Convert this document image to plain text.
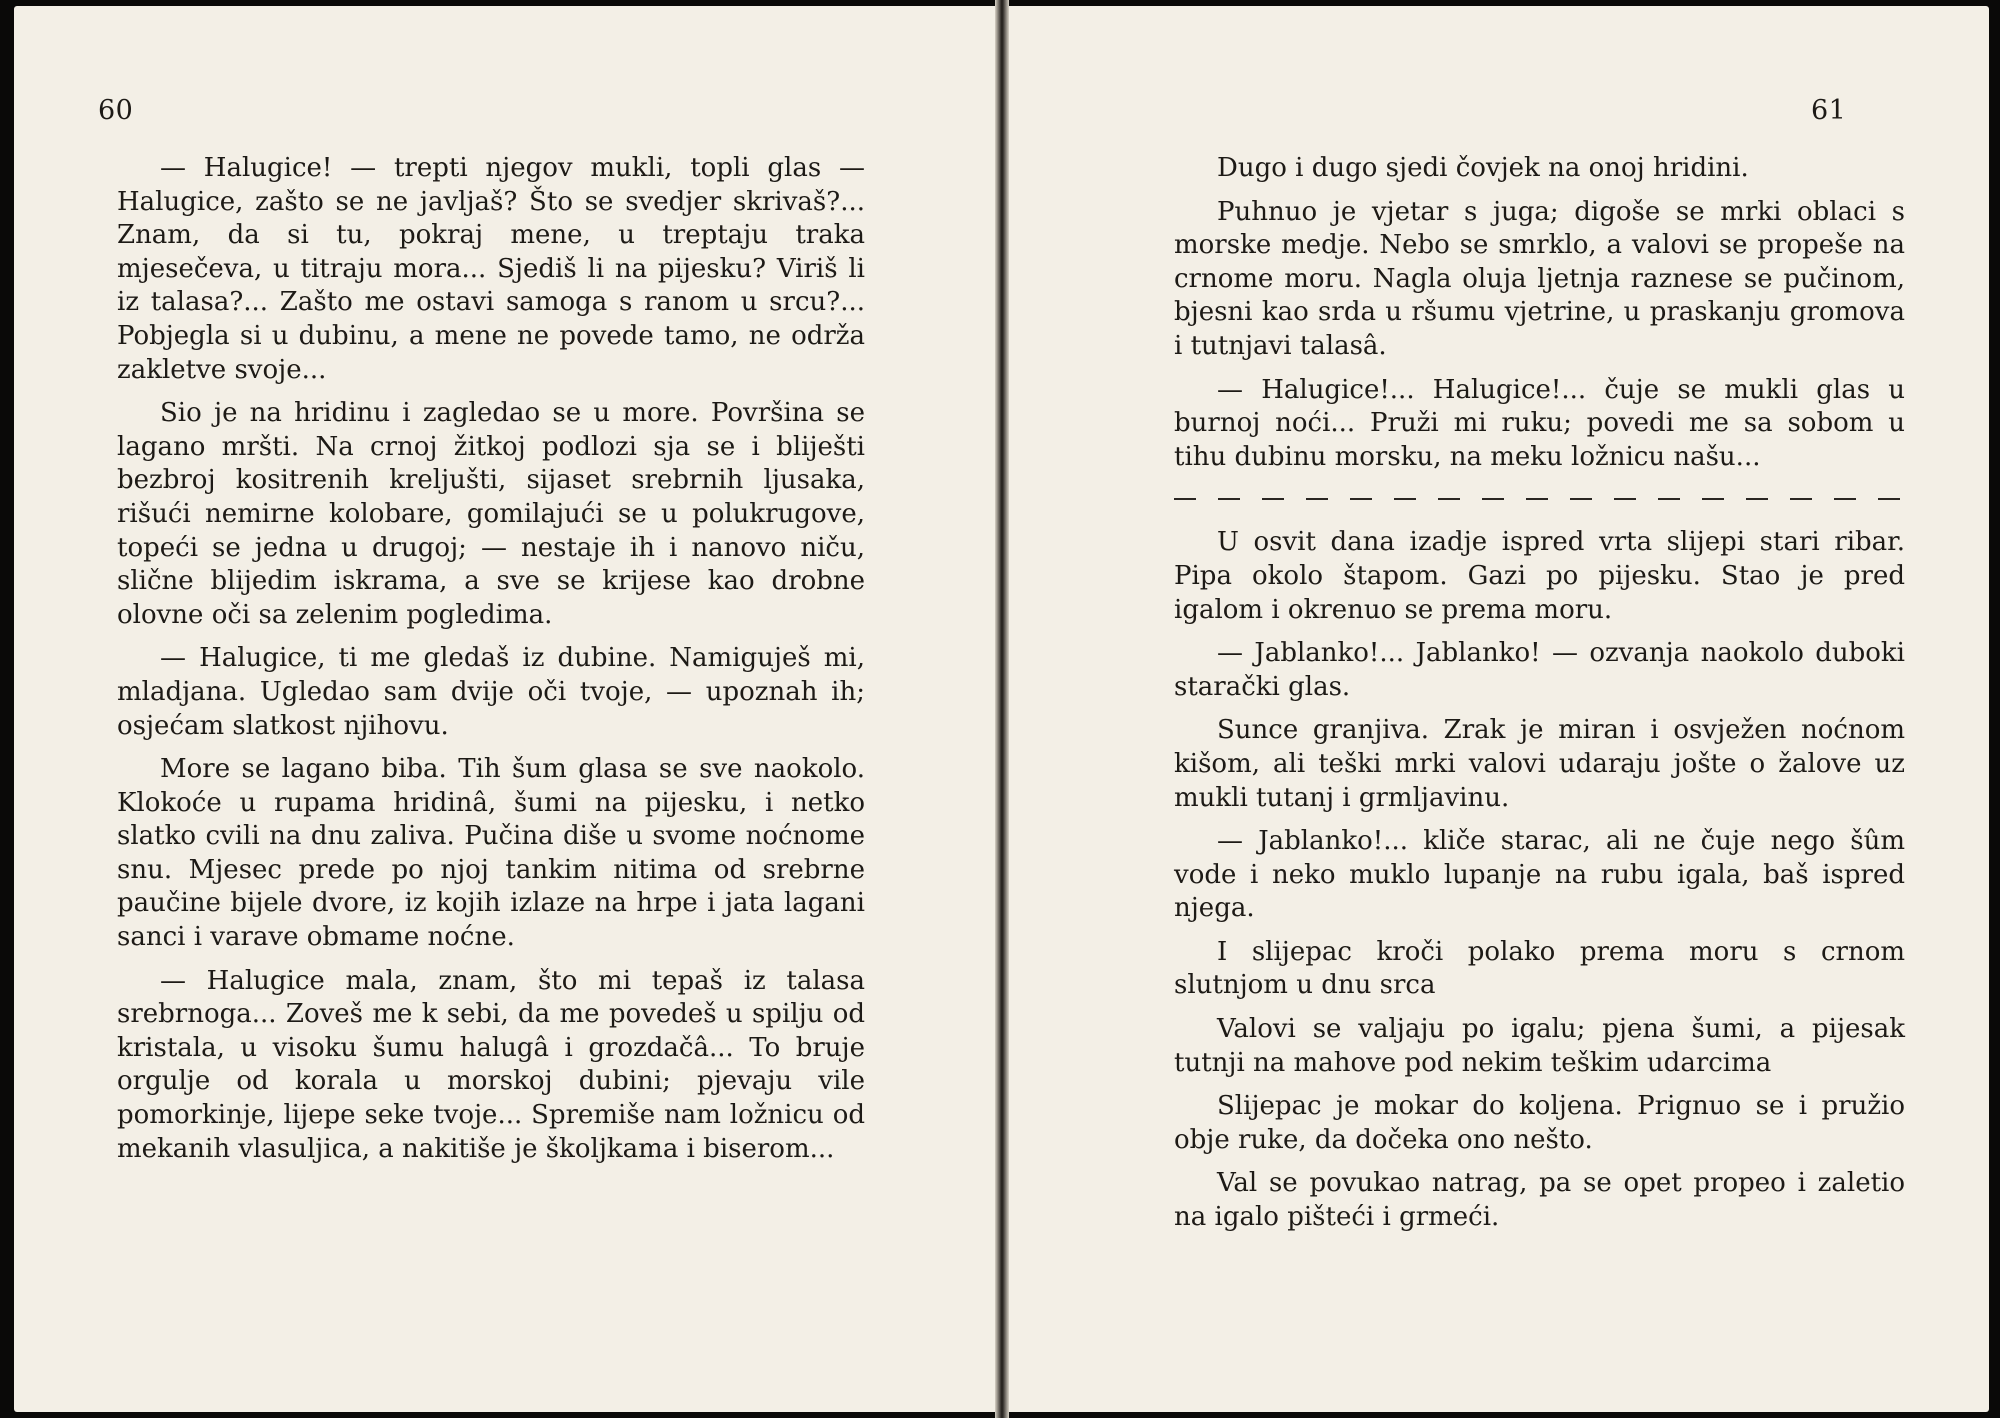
60

— Halugice! — trepti njegov mukli, topli glas — Halugice, zašto se ne javljaš? Što se svedjer skrivaš?... Znam, da si tu, pokraj mene, u treptaju traka mjesečeva, u titraju mora... Sjediš li na pijesku? Viriš li iz talasa?... Zašto me ostavi samoga s ranom u srcu?... Pobjegla si u dubinu, a mene ne povede tamo, ne održa zakletve svoje...

Sio je na hridinu i zagledao se u more. Površina se lagano mršti. Na crnoj žitkoj podlozi sja se i bliješti bezbroj kositrenih kreljušti, sijaset srebrnih ljusaka, rišući nemirne kolobare, gomilajući se u polukrugove, topeći se jedna u drugoj; — nestaje ih i nanovo niču, slične blijedim iskrama, a sve se krijese kao drobne olovne oči sa zelenim pogledima.

— Halugice, ti me gledaš iz dubine. Namiguješ mi, mladjana. Ugledao sam dvije oči tvoje, — upoznah ih; osjećam slatkost njihovu.

More se lagano biba. Tih šum glasa se sve naokolo. Klokoće u rupama hridinâ, šumi na pijesku, i netko slatko cvili na dnu zaliva. Pučina diše u svome noćnome snu. Mjesec prede po njoj tankim nitima od srebrne paučine bijele dvore, iz kojih izlaze na hrpe i jata lagani sanci i varave obmame noćne.

— Halugice mala, znam, što mi tepaš iz talasa srebrnoga... Zoveš me k sebi, da me povedeš u spilju od kristala, u visoku šumu halugâ i grozdačâ... To bruje orgulje od korala u morskoj dubini; pjevaju vile pomorkinje, lijepe seke tvoje... Spremiše nam ložnicu od mekanih vlasuljica, a nakitiše je školjkama i biserom...

61

Dugo i dugo sjedi čovjek na onoj hridini.

Puhnuo je vjetar s juga; digoše se mrki oblaci s morske medje. Nebo se smrklo, a valovi se propeše na crnome moru. Nagla oluja ljetnja raznese se pučinom, bjesni kao srda u ršumu vjetrine, u praskanju gromova i tutnjavi talasâ.

— Halugice!... Halugice!... čuje se mukli glas u burnoj noći... Pruži mi ruku; povedi me sa sobom u tihu dubinu morsku, na meku ložnicu našu...

U osvit dana izadje ispred vrta slijepi stari ribar. Pipa okolo štapom. Gazi po pijesku. Stao je pred igalom i okrenuo se prema moru.

— Jablanko!... Jablanko! — ozvanja naokolo duboki starački glas.

Sunce granjiva. Zrak je miran i osvježen noćnom kišom, ali teški mrki valovi udaraju jošte o žalove uz mukli tutanj i grmljavinu.

— Jablanko!... kliče starac, ali ne čuje nego šûm vode i neko muklo lupanje na rubu igala, baš ispred njega.

I slijepac kroči polako prema moru s crnom slutnjom u dnu srca

Valovi se valjaju po igalu; pjena šumi, a pijesak tutnji na mahove pod nekim teškim udarcima

Slijepac je mokar do koljena. Prignuo se i pružio obje ruke, da dočeka ono nešto.

Val se povukao natrag, pa se opet propeo i zaletio na igalo pišteći i grmeći.
